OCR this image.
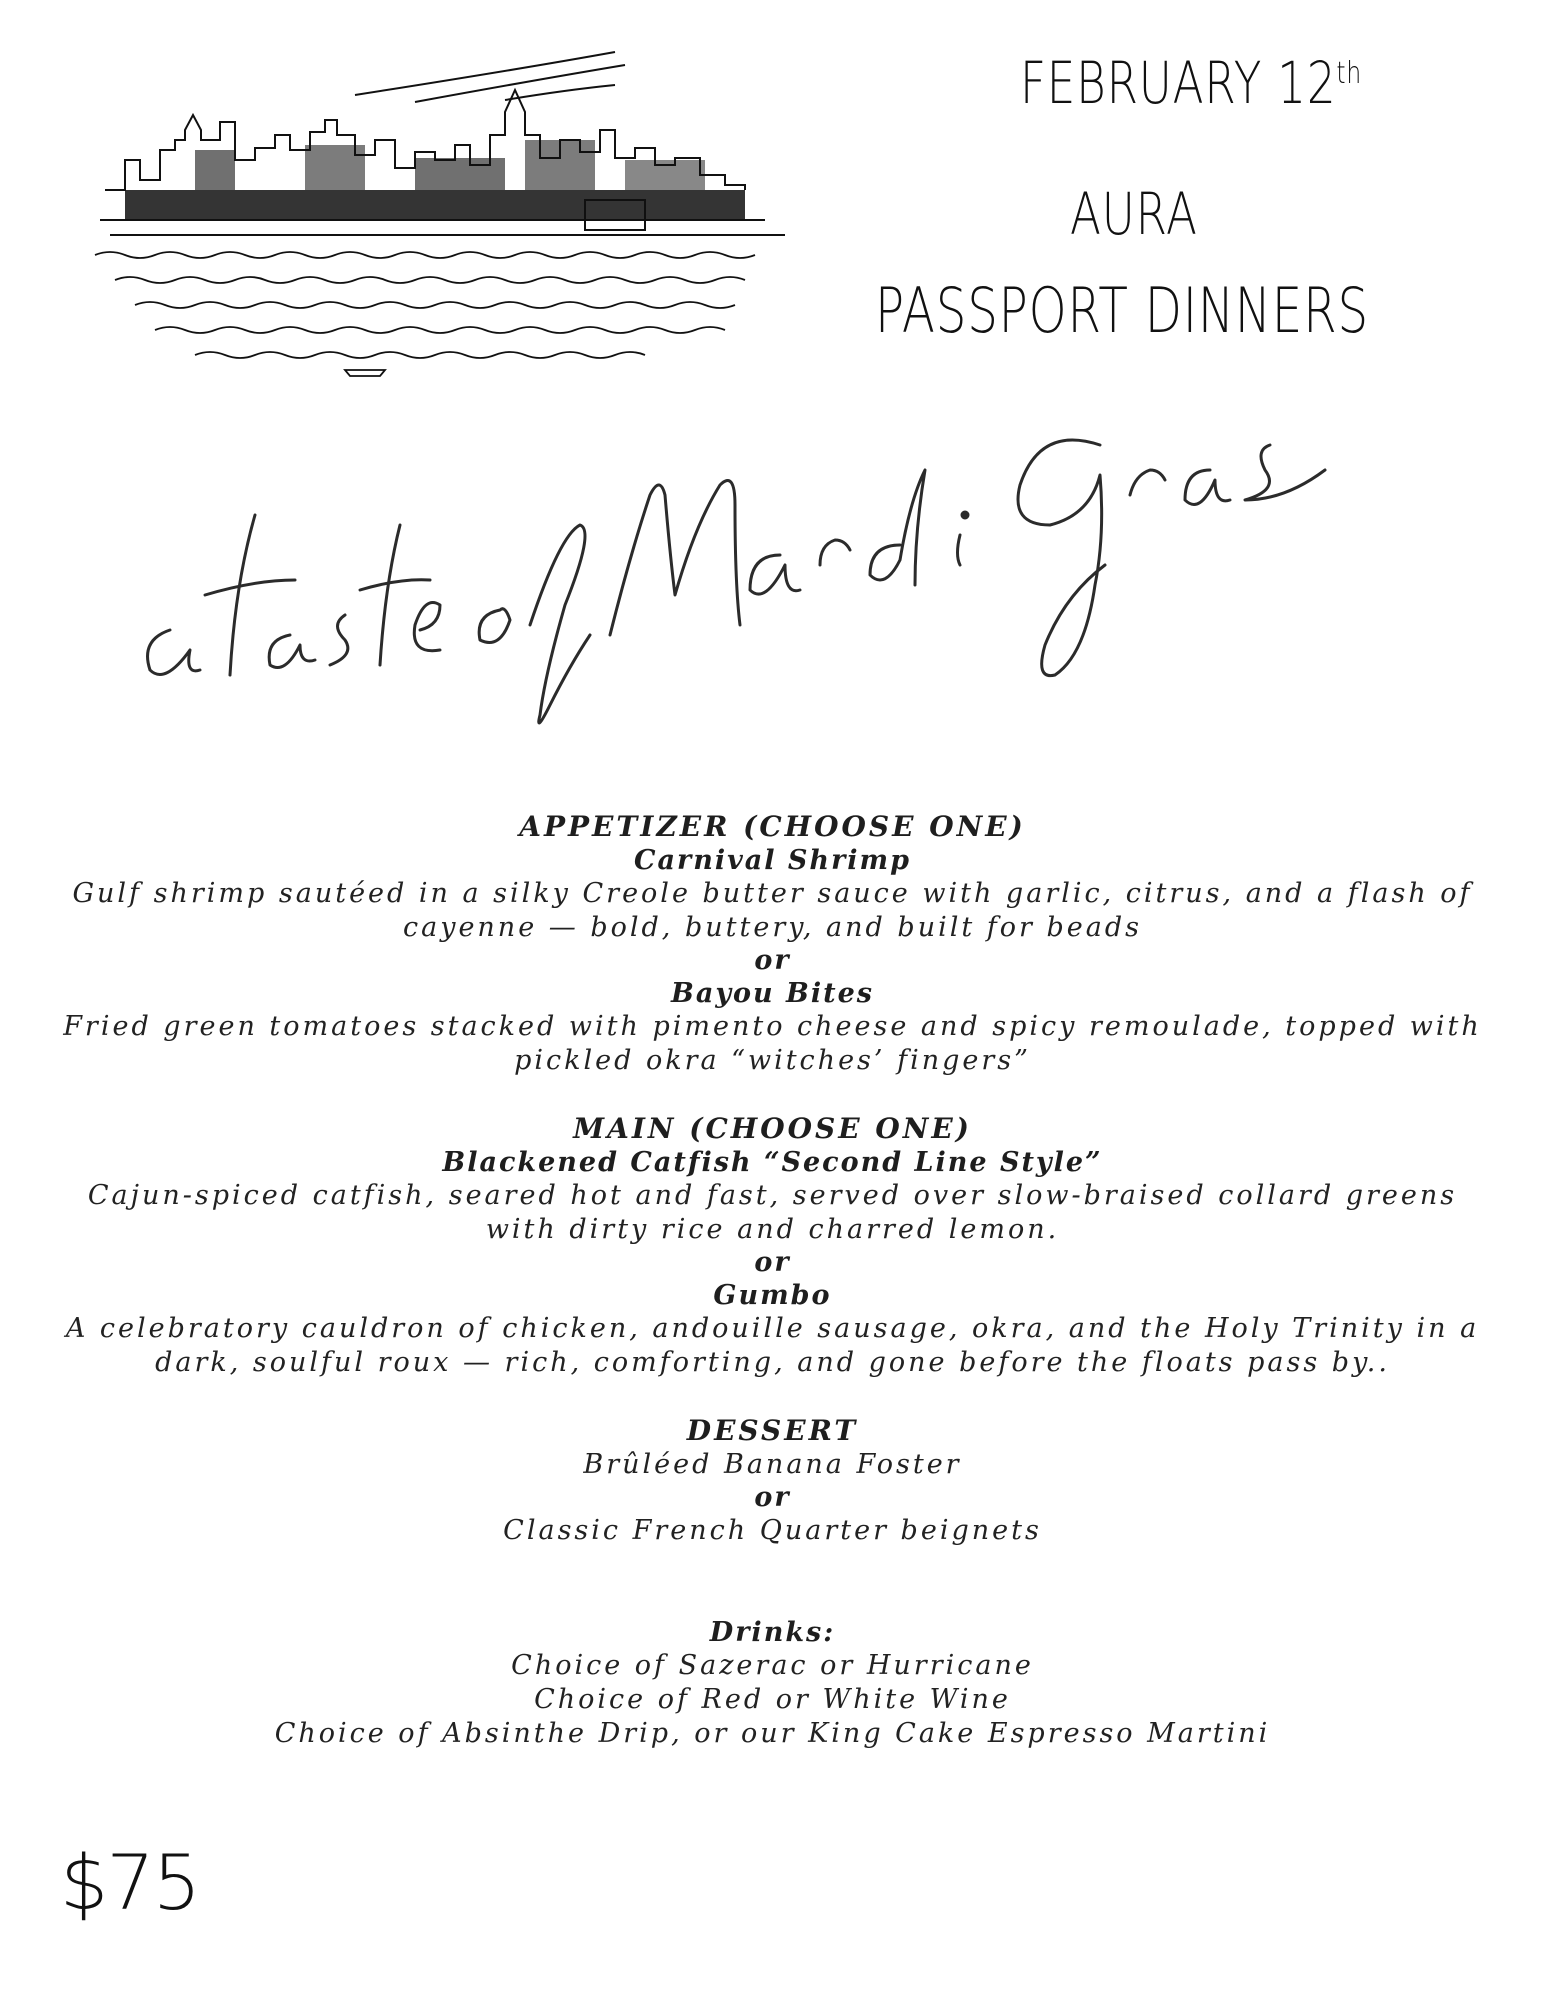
FEBRUARY 12th
AURA
PASSPORT DINNERS

APPETIZER (CHOOSE ONE)

Carnival Shrimp

Gulf shrimp sautéed in a silky Creole butter sauce with garlic, citrus, and a flash of

cayenne — bold, buttery, and built for beads

or

Bayou Bites

Fried green tomatoes stacked with pimento cheese and spicy remoulade, topped with

pickled okra “witches’ fingers”

MAIN (CHOOSE ONE)

Blackened Catfish “Second Line Style”

Cajun-spiced catfish, seared hot and fast, served over slow-braised collard greens

with dirty rice and charred lemon.

or

Gumbo

A celebratory cauldron of chicken, andouille sausage, okra, and the Holy Trinity in a

dark, soulful roux — rich, comforting, and gone before the floats pass by..

DESSERT

Brûléed Banana Foster

or

Classic French Quarter beignets

Drinks:

Choice of Sazerac or Hurricane

Choice of Red or White Wine

Choice of Absinthe Drip, or our King Cake Espresso Martini

$75
